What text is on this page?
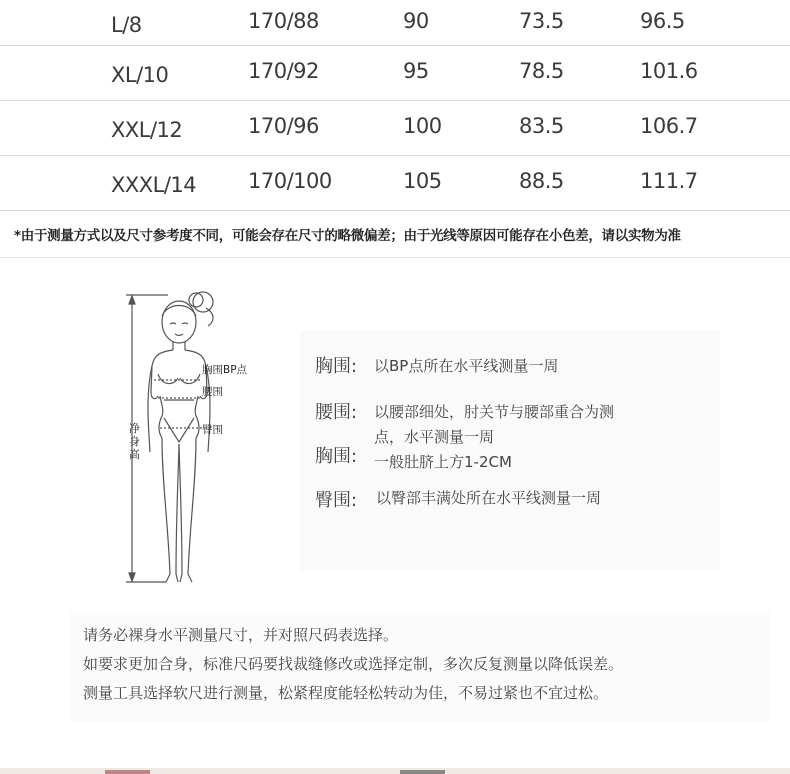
L/8	170/88	90	73.5	96.5
XL/10	170/92	95	78.5	101.6
XXL/12	170/96	100	83.5	106.7
XXXL/14 170/100	105	88.5	111.7
*由于测量方式以及尺寸参考度不同，可能会存在尺寸的略微偏差；由于光线等原因可能存在小色差，请以实物为准
胸围BP点
腰围
臀围
净身高
胸围: 以BP点所在水平线测量一周
腰围: 以腰部细处，肘关节与腰部重合为测
点，水平测量一周
胸围: 一般肚脐上方1-2CM
臀围: 以臀部丰满处所在水平线测量一周
请务必裸身水平测量尺寸，并对照尺码表选择。
如要求更加合身，标准尺码要找裁缝修改或选择定制，多次反复测量以降低误差。
测量工具选择软尺进行测量，松紧程度能轻松转动为佳，不易过紧也不宜过松。
